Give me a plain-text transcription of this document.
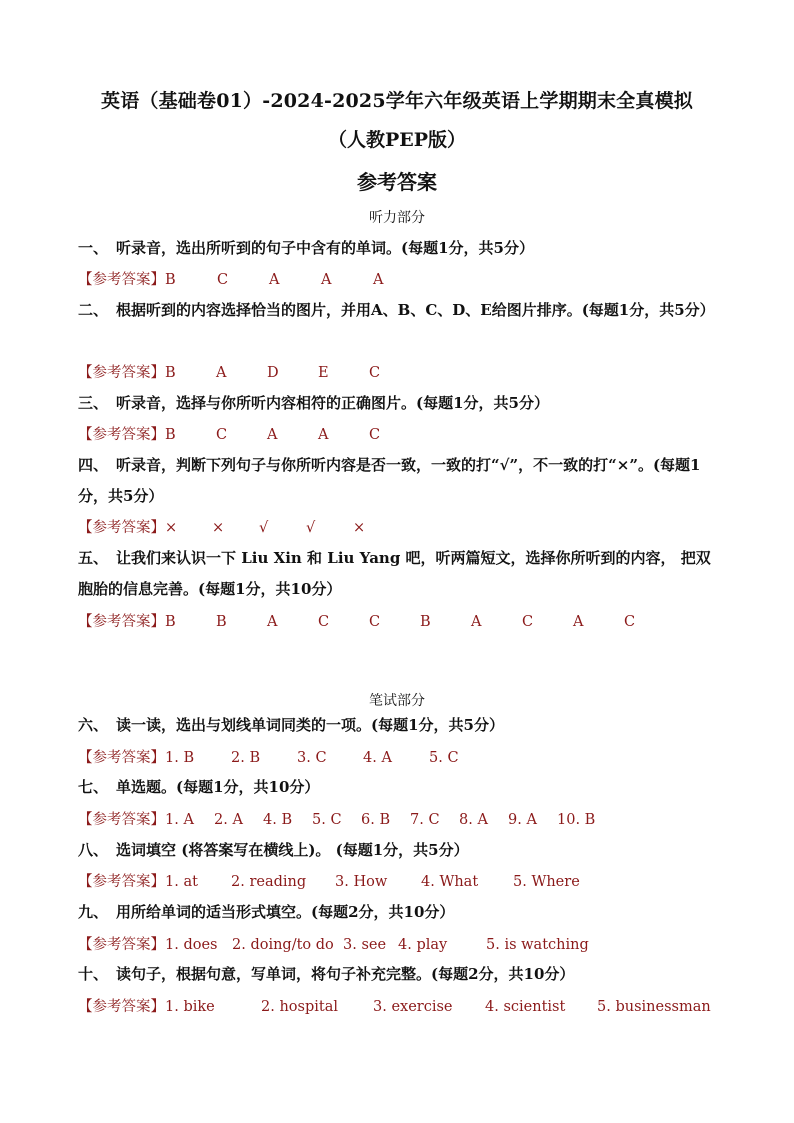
英语（基础卷01）-2024-2025学年六年级英语上学期期末全真模拟
（人教PEP版）
参考答案
听力部分
一、 听录音，选出所听到的句子中含有的单词。(每题1分，共5分）
【参考答案】B	C	A	A	A
二、 根据听到的内容选择恰当的图片，并用A、B、C、D、E给图片排序。(每题1分，共5分）
【参考答案】B	A	D	E	C
三、 听录音，选择与你所听内容相符的正确图片。(每题1分，共5分）
【参考答案】B	C	A	A	C
四、 听录音，判断下列句子与你所听内容是否一致，一致的打“√”，不一致的打“×”。(每题1分，共5分）
【参考答案】× × √	√	×
五、 让我们来认识一下 Liu Xin 和 Liu Yang 吧，听两篇短文，选择你所听到的内容， 把双胞胎的信息完善。(每题1分，共10分）
【参考答案】B	B	A	C	C	B	A	C	A	C
笔试部分
六、 读一读，选出与划线单词同类的一项。(每题1分，共5分）
【参考答案】1. B	2. B	3. C	4. A	5. C
七、 单选题。(每题1分，共10分）
【参考答案】1. A 2. A 4. B 5. C 6. B 7. C 8. A 9. A 10. B
八、 选词填空 (将答案写在横线上)。 (每题1分，共5分）
【参考答案】1. at 2. reading 3. How 4. What 5. Where
九、 用所给单词的适当形式填空。(每题2分，共10分）
【参考答案】1. does 2. doing/to do 3. see 4. play	5. is watching
十、 读句子，根据句意，写单词，将句子补充完整。(每题2分，共10分）
【参考答案】1. bike	2. hospital 3. exercise 4. scientist 5. businessman
